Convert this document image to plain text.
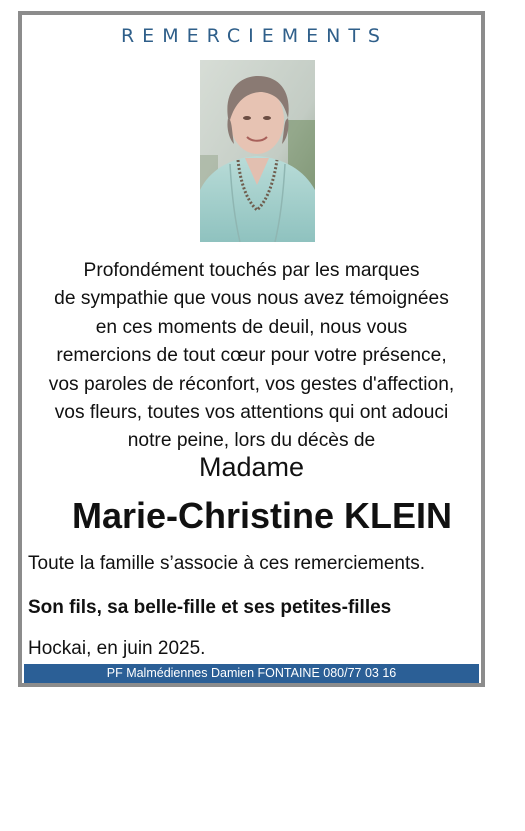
REMERCIEMENTS
Profondément touchés par les marques
de sympathie que vous nous avez témoignées
en ces moments de deuil, nous vous
remercions de tout cœur pour votre présence,
vos paroles de réconfort, vos gestes d'affection,
vos fleurs, toutes vos attentions qui ont adouci
notre peine, lors du décès de
Madame
Marie-Christine KLEIN
Toute la famille s’associe à ces remerciements.
Son fils, sa belle-fille et ses petites-filles
Hockai, en juin 2025.
PF Malmédiennes Damien FONTAINE 080/77 03 16
